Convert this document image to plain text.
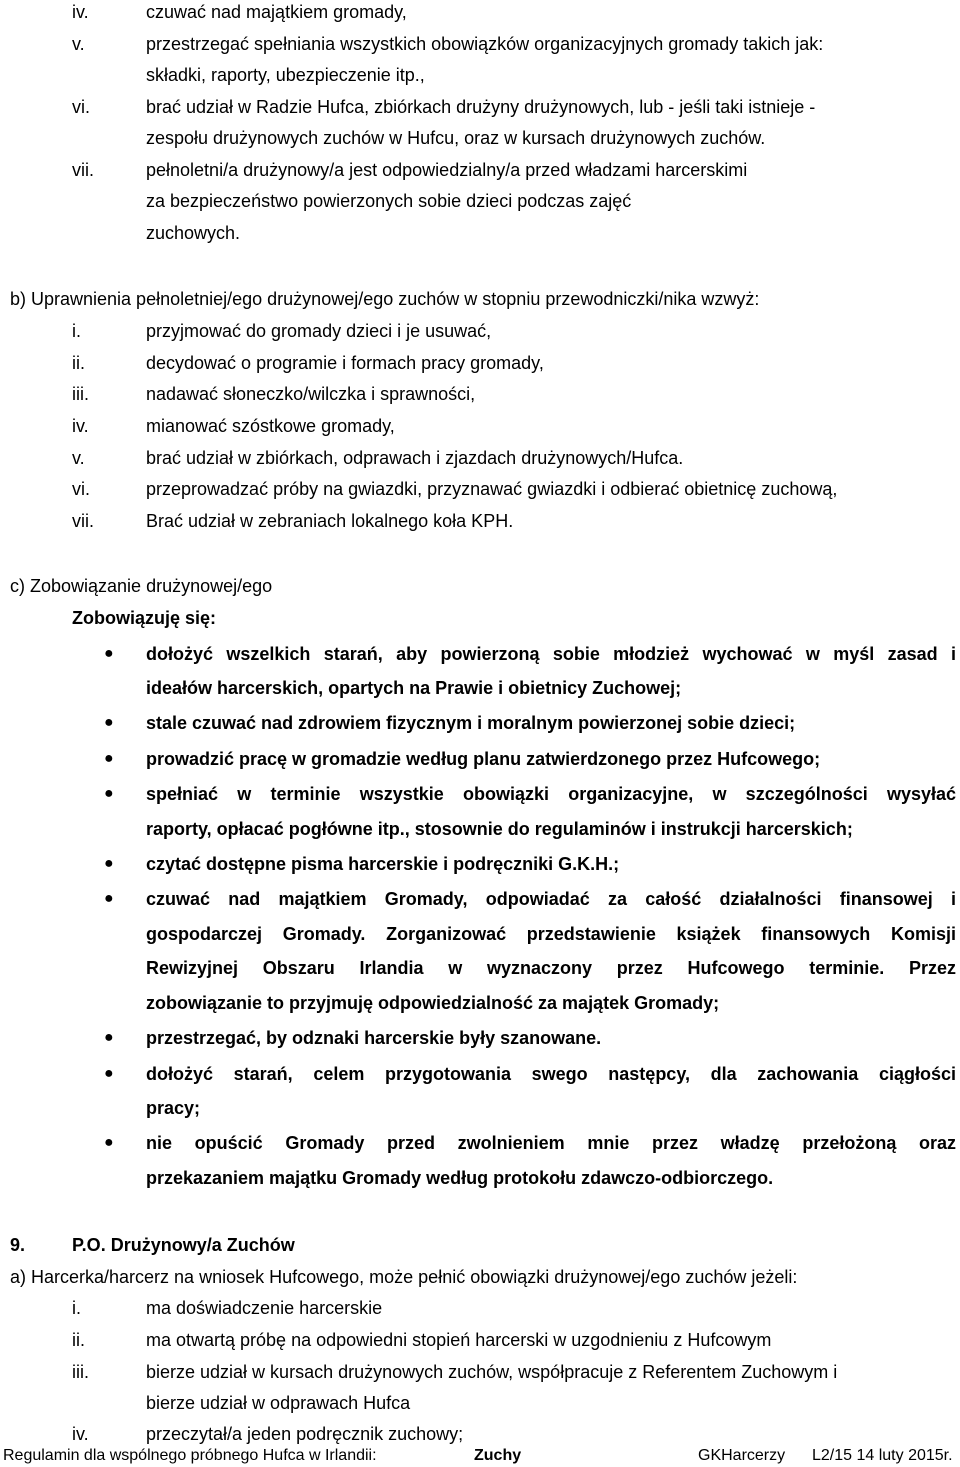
iv.	czuwać nad majątkiem gromady,
v.	przestrzegać spełniania wszystkich obowiązków organizacyjnych gromady takich jak:
składki, raporty, ubezpieczenie itp.,
vi.	brać udział w Radzie Hufca, zbiórkach drużyny drużynowych, lub - jeśli taki istnieje -
zespołu drużynowych zuchów w Hufcu, oraz w kursach drużynowych zuchów.
vii.	pełnoletni/a drużynowy/a jest odpowiedzialny/a przed władzami harcerskimi
za bezpieczeństwo powierzonych sobie dzieci podczas zajęć
zuchowych.
b) Uprawnienia pełnoletniej/ego drużynowej/ego zuchów w stopniu przewodniczki/nika wzwyż:
i.	przyjmować do gromady dzieci i je usuwać,
ii.	decydować o programie i formach pracy gromady,
iii.	nadawać słoneczko/wilczka i sprawności,
iv.	mianować szóstkowe gromady,
v.	brać udział w zbiórkach, odprawach i zjazdach drużynowych/Hufca.
vi.	przeprowadzać próby na gwiazdki, przyznawać gwiazdki i odbierać obietnicę zuchową,
vii.	Brać udział w zebraniach lokalnego koła KPH.
c) Zobowiązanie drużynowej/ego
Zobowiązuję się:
● dołożyć wszelkich starań, aby powierzoną sobie młodzież wychować w myśl zasad i
ideałów harcerskich, opartych na Prawie i obietnicy Zuchowej;
● stale czuwać nad zdrowiem fizycznym i moralnym powierzonej sobie dzieci;
● prowadzić pracę w gromadzie według planu zatwierdzonego przez Hufcowego;
● spełniać w terminie wszystkie obowiązki organizacyjne, w szczególności wysyłać
raporty, opłacać pogłówne itp., stosownie do regulaminów i instrukcji harcerskich;
● czytać dostępne pisma harcerskie i podręczniki G.K.H.;
● czuwać nad majątkiem Gromady, odpowiadać za całość działalności finansowej i
gospodarczej Gromady. Zorganizować przedstawienie książek finansowych Komisji
Rewizyjnej Obszaru Irlandia w wyznaczony przez Hufcowego terminie. Przez
zobowiązanie to przyjmuję odpowiedzialność za majątek Gromady;
● przestrzegać, by odznaki harcerskie były szanowane.
● dołożyć starań, celem przygotowania swego następcy, dla zachowania ciągłości
pracy;
● nie opuścić Gromady przed zwolnieniem mnie przez władzę przełożoną oraz
przekazaniem majątku Gromady według protokołu zdawczo-odbiorczego.
9.	P.O. Drużynowy/a Zuchów
a) Harcerka/harcerz na wniosek Hufcowego, może pełnić obowiązki drużynowej/ego zuchów jeżeli:
i.	ma doświadczenie harcerskie
ii.	ma otwartą próbę na odpowiedni stopień harcerski w uzgodnieniu z Hufcowym
iii.	bierze udział w kursach drużynowych zuchów, współpracuje z Referentem Zuchowym i
bierze udział w odprawach Hufca
iv.	przeczytał/a jeden podręcznik zuchowy;
Regulamin dla wspólnego próbnego Hufca w Irlandii:	Zuchy	GKHarcerzy L2/15 14 luty 2015r.
